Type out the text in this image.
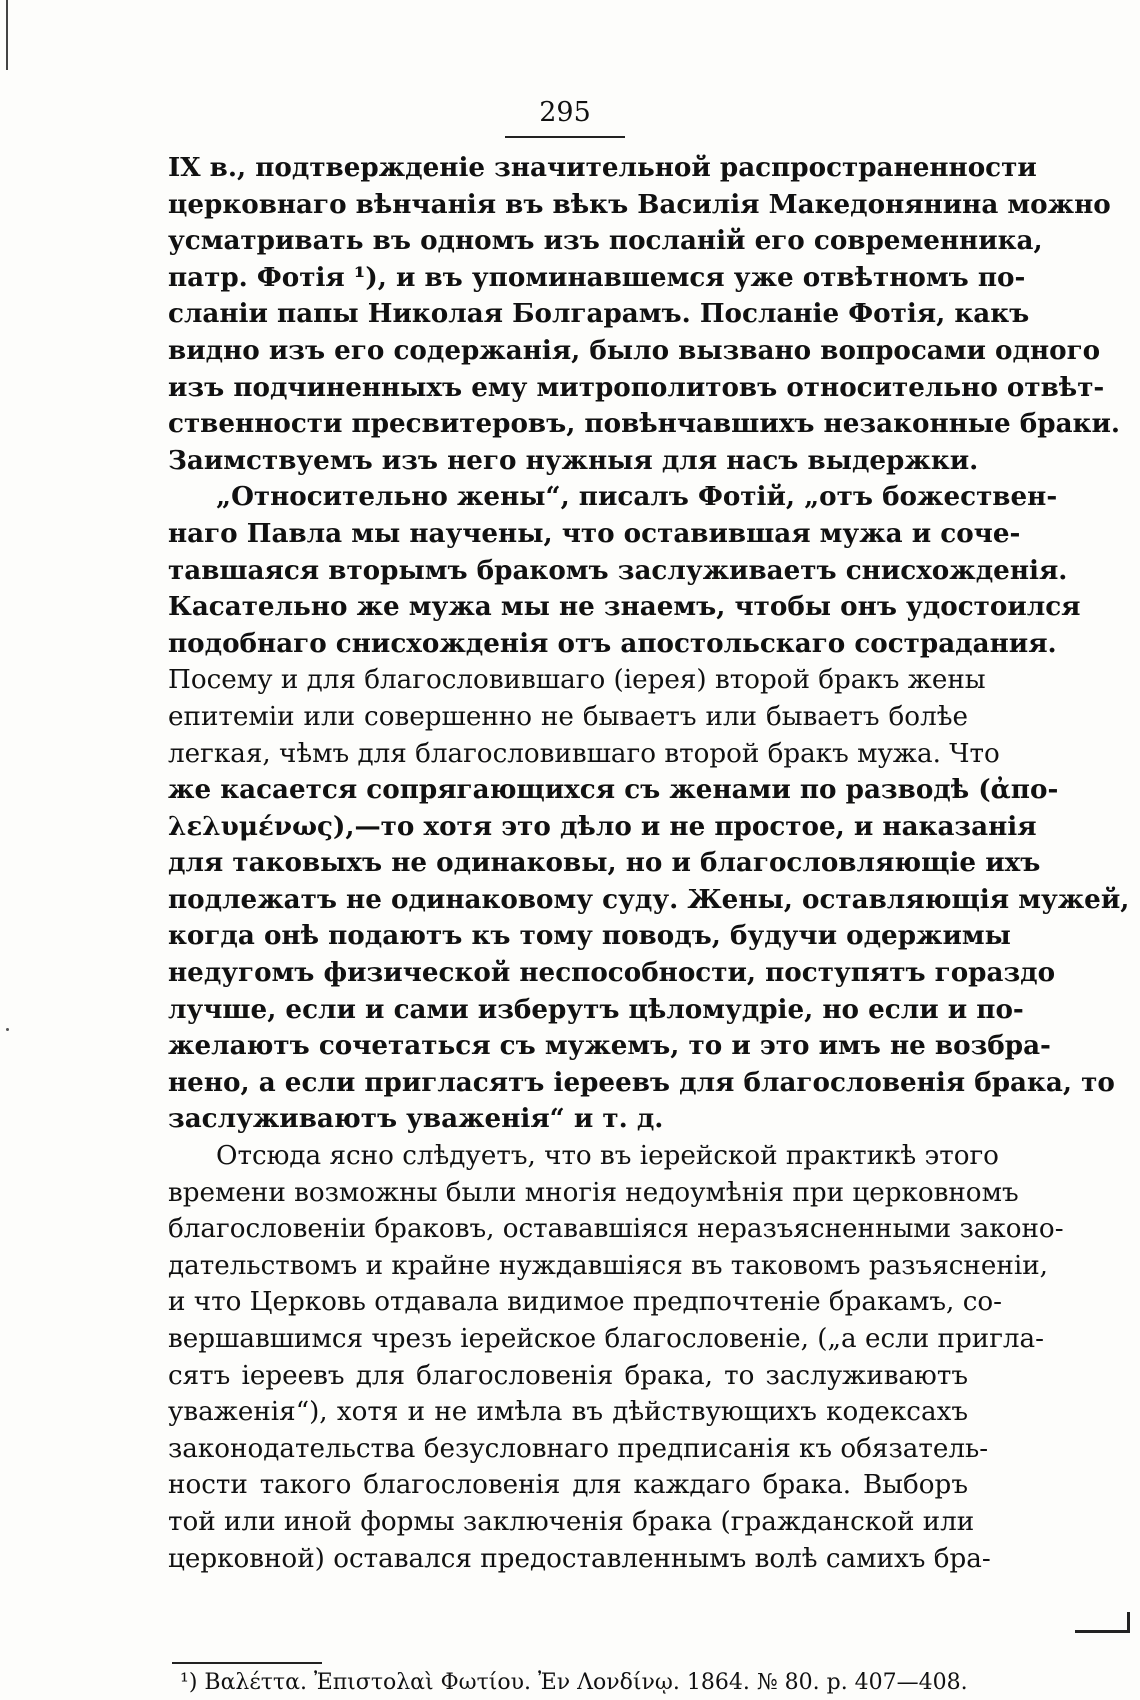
295
IX в., подтвержденіе значительной распространенности
церковнаго вѣнчанія въ вѣкъ Василія Македонянина можно
усматривать въ одномъ изъ посланій его современника,
патр. Фотія ¹), и въ упоминавшемся уже отвѣтномъ по-
сланіи папы Николая Болгарамъ. Посланіе Фотія, какъ
видно изъ его содержанія, было вызвано вопросами одного
изъ подчиненныхъ ему митрополитовъ относительно отвѣт-
ственности пресвитеровъ, повѣнчавшихъ незаконные браки.
Заимствуемъ изъ него нужныя для насъ выдержки.
„Относительно жены“, писалъ Фотій, „отъ божествен-
наго Павла мы научены, что оставившая мужа и соче-
тавшаяся вторымъ бракомъ заслуживаетъ снисхожденія.
Касательно же мужа мы не знаемъ, чтобы онъ удостоился
подобнаго снисхожденія отъ апостольскаго сострадания.
Посему и для благословившаго (іерея) второй бракъ жены
епитеміи или совершенно не бываетъ или бываетъ болѣе
легкая, чѣмъ для благословившаго второй бракъ мужа. Что
же касается сопрягающихся съ женами по разводѣ (ἀπο-
λελυμένως),—то хотя это дѣло и не простое, и наказанія
для таковыхъ не одинаковы, но и благословляющіе ихъ
подлежатъ не одинаковому суду. Жены, оставляющія мужей,
когда онѣ подаютъ къ тому поводъ, будучи одержимы
недугомъ физической неспособности, поступятъ гораздо
лучше, если и сами изберутъ цѣломудріе, но если и по-
желаютъ сочетаться съ мужемъ, то и это имъ не возбра-
нено, а если пригласятъ іереевъ для благословенія брака, то
заслуживаютъ уваженія“ и т. д.
Отсюда ясно слѣдуетъ, что въ іерейской практикѣ этого
времени возможны были многія недоумѣнія при церковномъ
благословеніи браковъ, остававшіяся неразъясненными законо-
дательствомъ и крайне нуждавшіяся въ таковомъ разъясненіи,
и что Церковь отдавала видимое предпочтеніе бракамъ, со-
вершавшимся чрезъ іерейское благословеніе, („а если пригла-
сятъ іереевъ для благословенія брака, то заслуживаютъ
уваженія“), хотя и не имѣла въ дѣйствующихъ кодексахъ
законодательства безусловнаго предписанія къ обязатель-
ности такого благословенія для каждаго брака. Выборъ
той или иной формы заключенія брака (гражданской или
церковной) оставался предоставленнымъ волѣ самихъ бра-
¹) Βαλέττα. Ἐπιστολαὶ Φωτίου. Ἐν Λονδίνῳ. 1864. № 80. p. 407—408.
